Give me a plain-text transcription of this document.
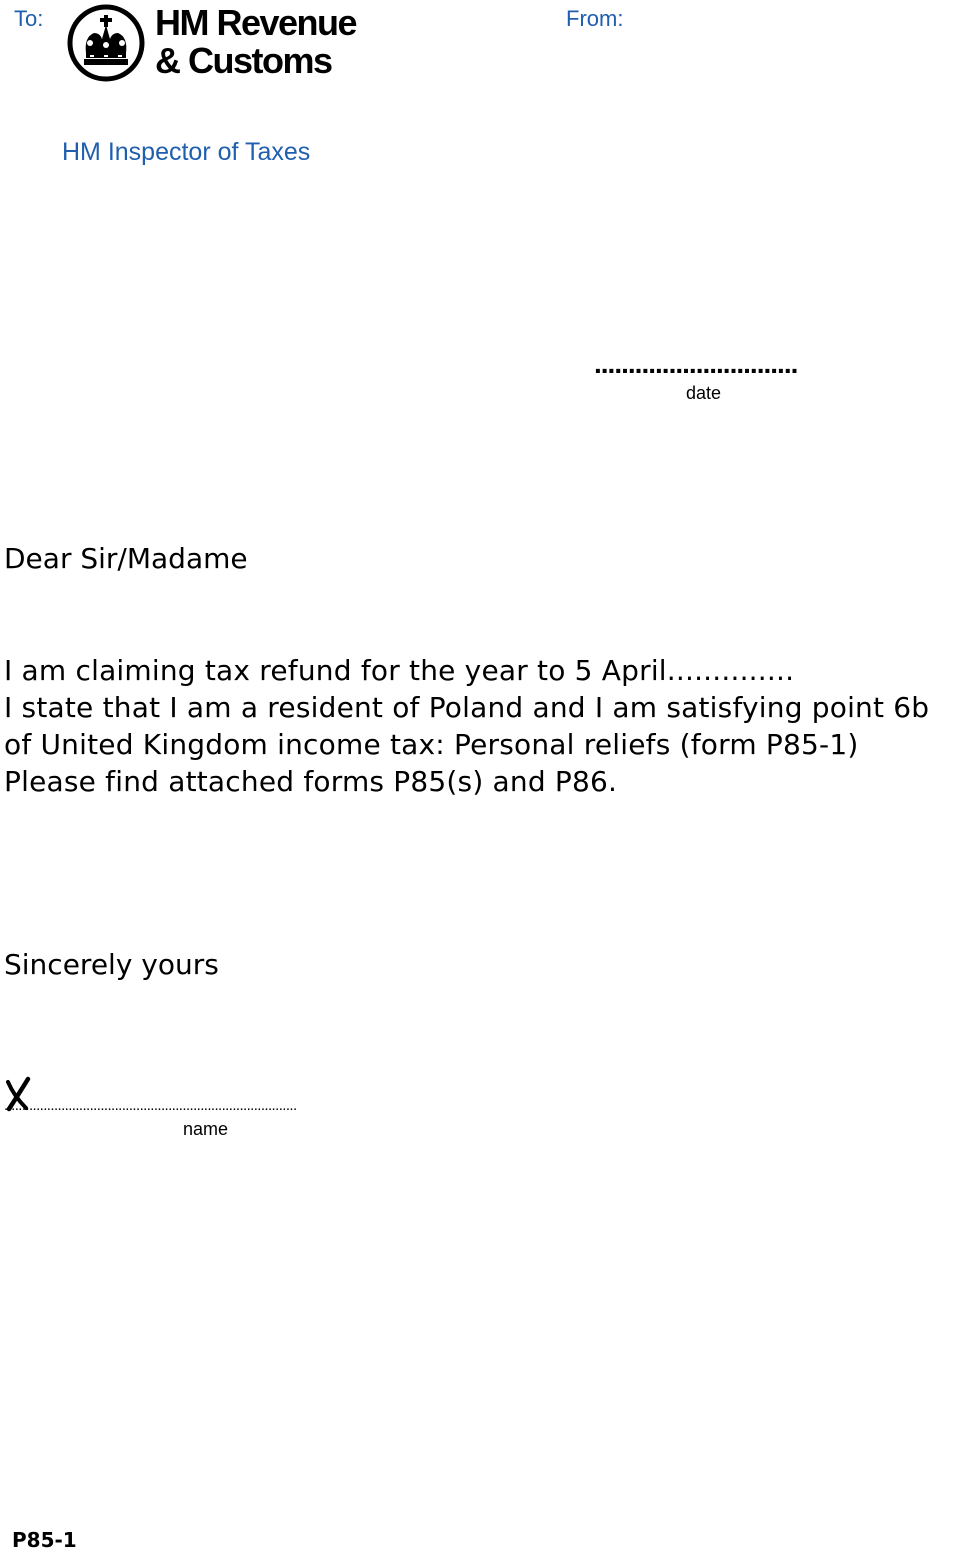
To:	HM Revenue
& Customs
From:
HM Inspector of Taxes
..............................
date
Dear Sir/Madame
I am claiming tax refund for the year to 5 April..............
I state that I am a resident of Poland and I am satisfying point 6b
of United Kingdom income tax: Personal reliefs (form P85-1)
Please find attached forms P85(s) and P86.
Sincerely yours
..................................................................................
name
P85-1
